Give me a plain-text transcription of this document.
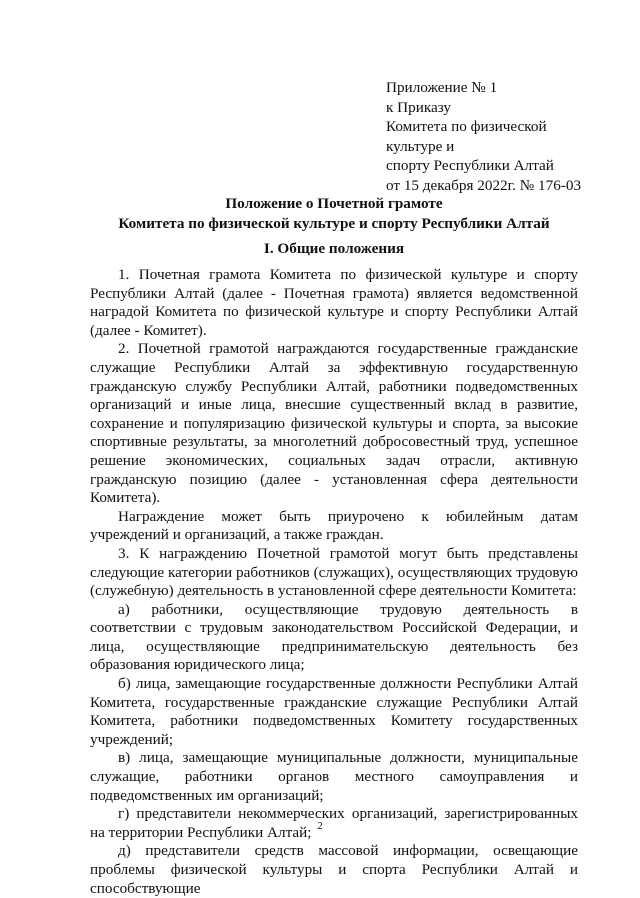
Приложение № 1
к Приказу
Комитета по физической
культуре и
спорту Республики Алтай
от 15 декабря 2022г. № 176-03
Положение о Почетной грамоте
Комитета по физической культуре и спорту Республики Алтай
I. Общие положения

1. Почетная грамота Комитета по физической культуре и спорту Республики Алтай (далее - Почетная грамота) является ведомственной наградой Комитета по физической культуре и спорту Республики Алтай (далее - Комитет).

2. Почетной грамотой награждаются государственные гражданские служащие Республики Алтай за эффективную государственную гражданскую службу Республики Алтай, работники подведомственных организаций и иные лица, внесшие существенный вклад в развитие, сохранение и популяризацию физической культуры и спорта, за высокие спортивные результаты, за многолетний добросовестный труд, успешное решение экономических, социальных задач отрасли, активную гражданскую позицию (далее - установленная сфера деятельности Комитета).

Награждение может быть приурочено к юбилейным датам учреждений и организаций, а также граждан.

3. К награждению Почетной грамотой могут быть представлены следующие категории работников (служащих), осуществляющих трудовую (служебную) деятельность в установленной сфере деятельности Комитета:

а) работники, осуществляющие трудовую деятельность в соответствии с трудовым законодательством Российской Федерации, и лица, осуществляющие предпринимательскую деятельность без образования юридического лица;

б) лица, замещающие государственные должности Республики Алтай Комитета, государственные гражданские служащие Республики Алтай Комитета, работники подведомственных Комитету государственных учреждений;

в) лица, замещающие муниципальные должности, муниципальные служащие, работники органов местного самоуправления и подведомственных им организаций;

г) представители некоммерческих организаций, зарегистрированных на территории Республики Алтай;

д) представители средств массовой информации, освещающие проблемы физической культуры и спорта Республики Алтай и способствующие

2
